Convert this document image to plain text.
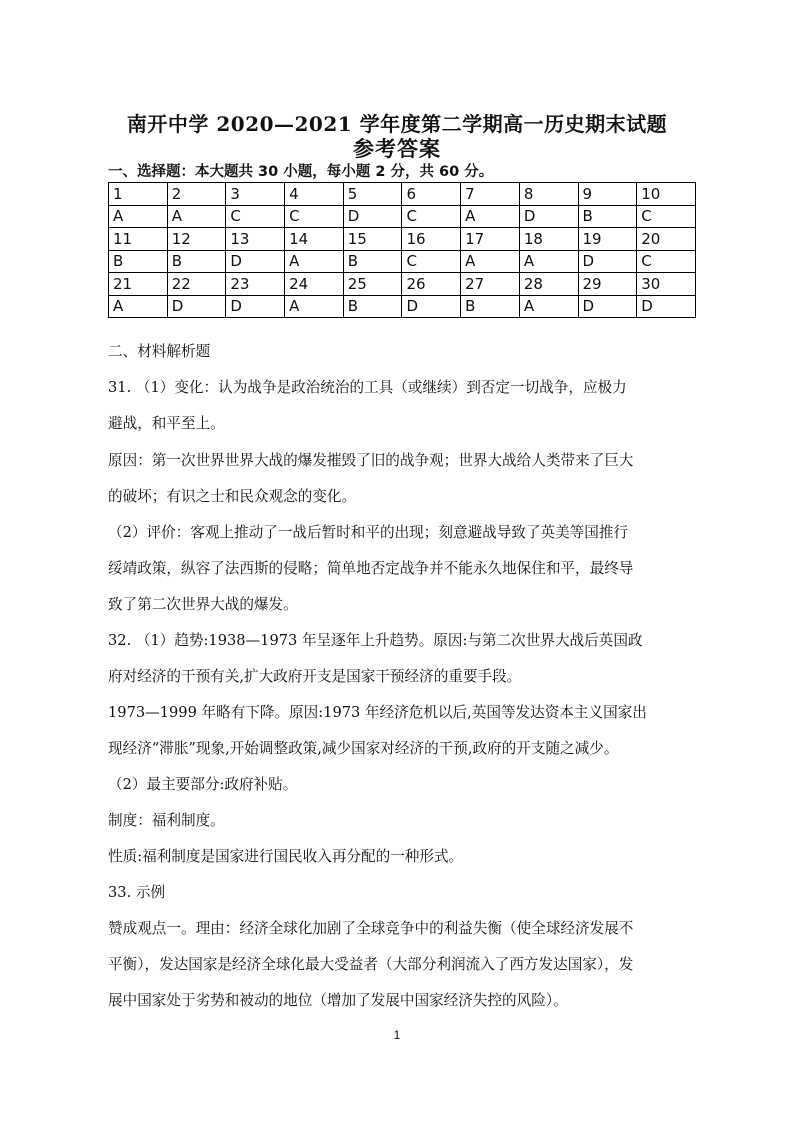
南开中学 2020—2021 学年度第二学期高一历史期末试题
参考答案
一、选择题：本大题共 30 小题，每小题 2 分，共 60 分。
1	2	3	4	5	6	7	8	9	10
A	A	C	C	D	C	A	D	B	C
11	12	13	14	15	16	17	18	19	20
B	B	D	A	B	C	A	A	D	C
21	22	23	24	25	26	27	28	29	30
A	D	D	A	B	D	B	A	D	D
二、材料解析题
31. （1）变化：认为战争是政治统治的工具（或继续）到否定一切战争，应极力
避战，和平至上。
原因：第一次世界世界大战的爆发摧毁了旧的战争观；世界大战给人类带来了巨大
的破坏；有识之士和民众观念的变化。
（2）评价：客观上推动了一战后暂时和平的出现；刻意避战导致了英美等国推行
绥靖政策，纵容了法西斯的侵略；简单地否定战争并不能永久地保住和平，最终导
致了第二次世界大战的爆发。
32. （1）趋势:1938—1973 年呈逐年上升趋势。原因:与第二次世界大战后英国政
府对经济的干预有关,扩大政府开支是国家干预经济的重要手段。
1973—1999 年略有下降。原因:1973 年经济危机以后,英国等发达资本主义国家出
现经济“滞胀”现象,开始调整政策,减少国家对经济的干预,政府的开支随之减少。
（2）最主要部分:政府补贴。
制度：福利制度。
性质:福利制度是国家进行国民收入再分配的一种形式。
33. 示例
赞成观点一。理由：经济全球化加剧了全球竞争中的利益失衡（使全球经济发展不
平衡），发达国家是经济全球化最大受益者（大部分利润流入了西方发达国家），发
展中国家处于劣势和被动的地位（增加了发展中国家经济失控的风险）。
1
